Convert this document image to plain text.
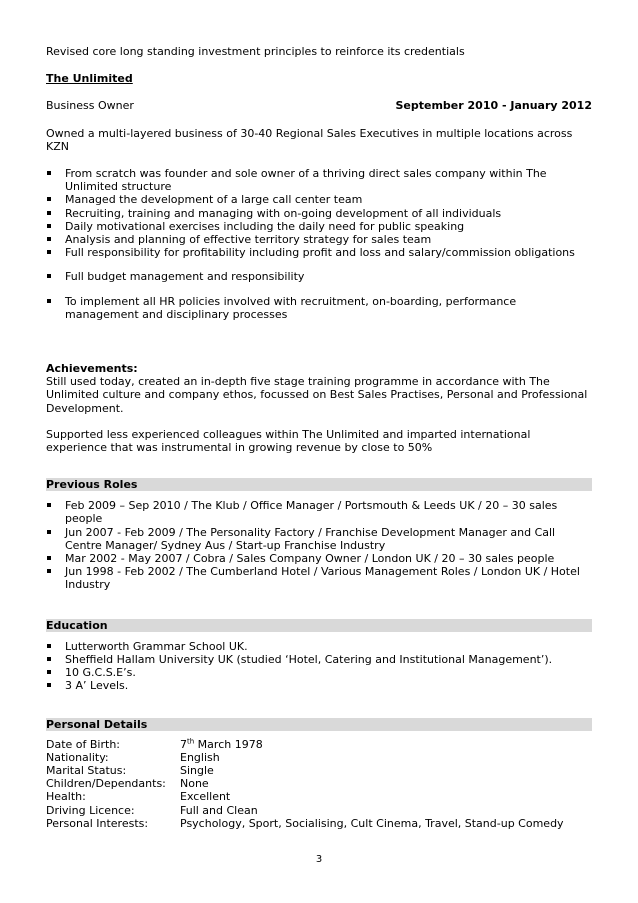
Revised core long standing investment principles to reinforce its credentials

The Unlimited

Business Owner	September 2010 - January 2012

Owned a multi-layered business of 30-40 Regional Sales Executives in multiple locations across KZN

From scratch was founder and sole owner of a thriving direct sales company within The Unlimited structure
Managed the development of a large call center team
Recruiting, training and managing with on-going development of all individuals
Daily motivational exercises including the daily need for public speaking
Analysis and planning of effective territory strategy for sales team
Full responsibility for profitability including profit and loss and salary/commission obligations
Full budget management and responsibility
To implement all HR policies involved with recruitment, on-boarding, performance management and disciplinary processes

Achievements:

Still used today, created an in-depth five stage training programme in accordance with The Unlimited culture and company ethos, focussed on Best Sales Practises, Personal and Professional Development.

Supported less experienced colleagues within The Unlimited and imparted international experience that was instrumental in growing revenue by close to 50%

Previous Roles
Feb 2009 – Sep 2010 / The Klub / Office Manager / Portsmouth & Leeds UK / 20 – 30 sales people
Jun 2007 - Feb 2009 / The Personality Factory / Franchise Development Manager and Call Centre Manager/ Sydney Aus / Start-up Franchise Industry
Mar 2002 - May 2007 / Cobra / Sales Company Owner / London UK / 20 – 30 sales people
Jun 1998 - Feb 2002 / The Cumberland Hotel / Various Management Roles / London UK / Hotel Industry
Education
Lutterworth Grammar School UK.
Sheffield Hallam University UK (studied ‘Hotel, Catering and Institutional Management’).
10 G.C.S.E’s.
3 A’ Levels.
Personal Details
Date of Birth:	7th March 1978
Nationality:	English
Marital Status:	Single
Children/Dependants:	None
Health:	Excellent
Driving Licence:	Full and Clean
Personal Interests:	Psychology, Sport, Socialising, Cult Cinema, Travel, Stand-up Comedy
3
